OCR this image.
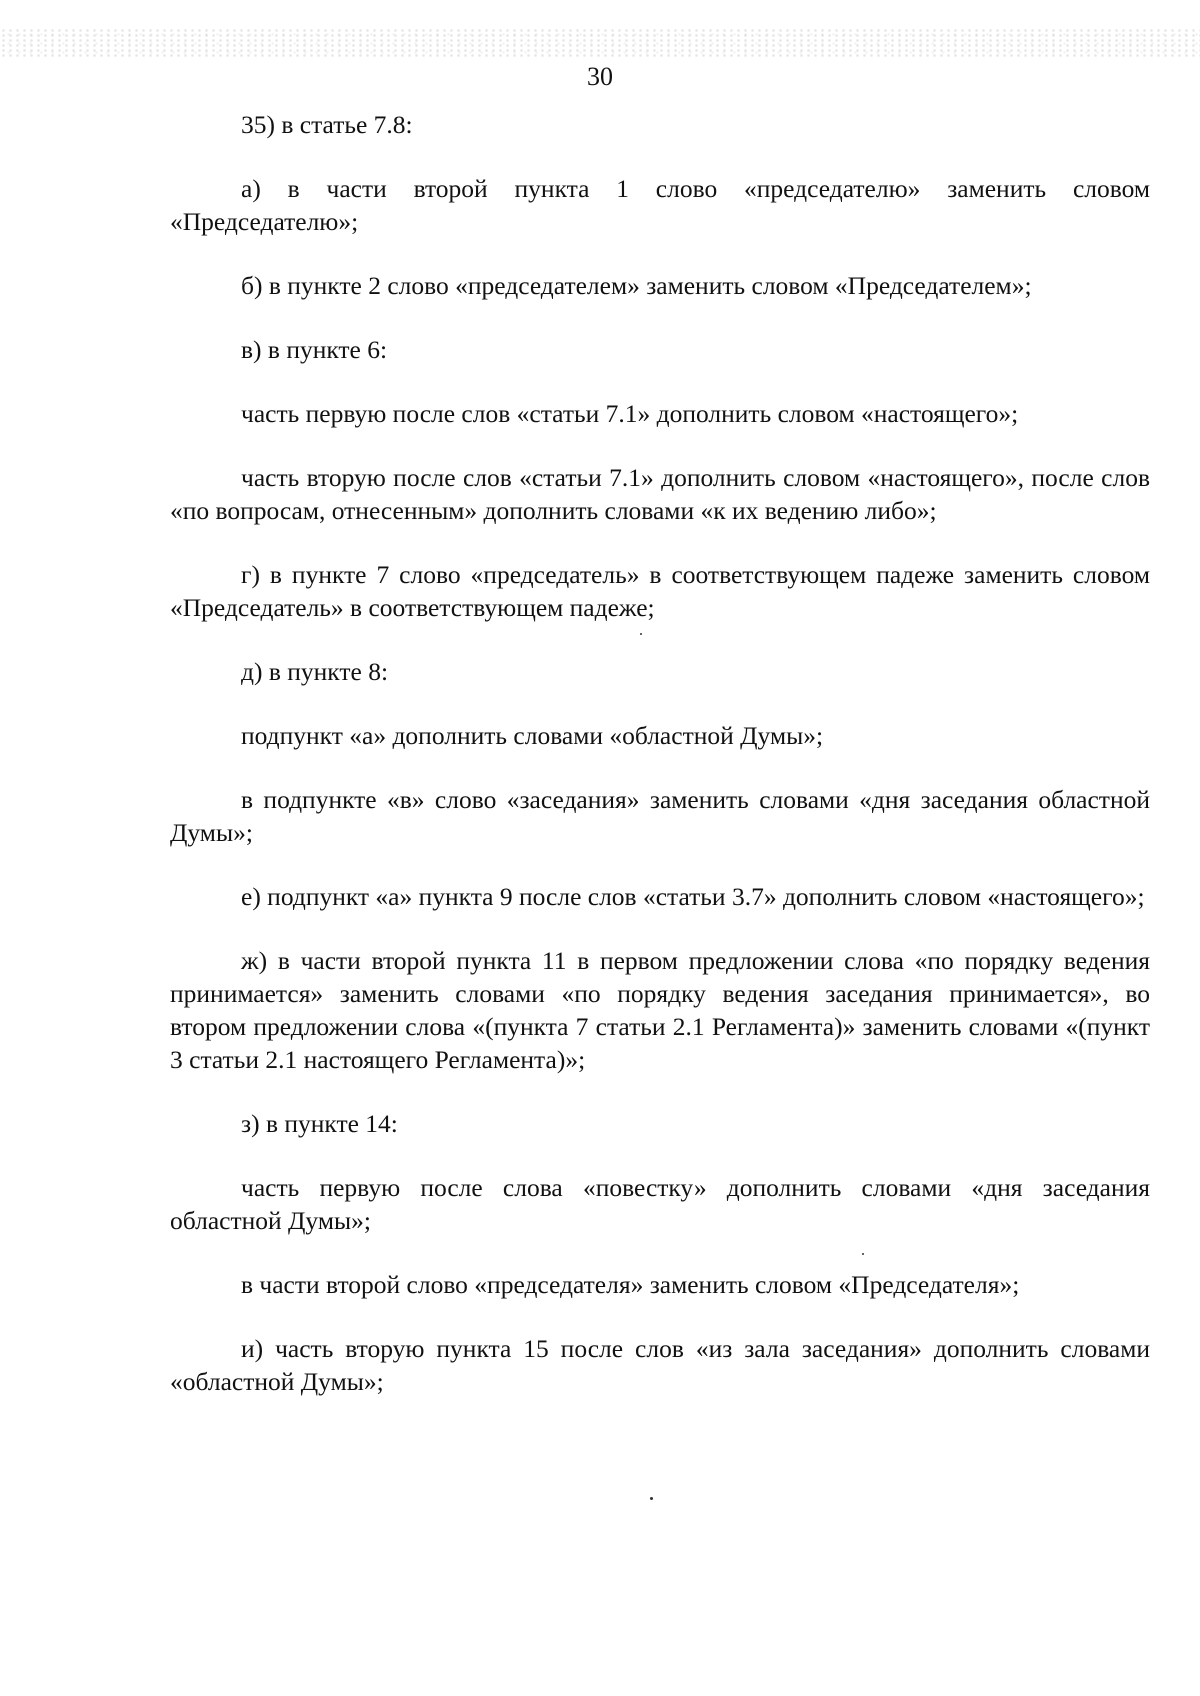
30

35) в статье 7.8:

а) в части второй пункта 1 слово «председателю» заменить словом «Председателю»;

б) в пункте 2 слово «председателем» заменить словом «Председателем»;

в) в пункте 6:

часть первую после слов «статьи 7.1» дополнить словом «настоящего»;

часть вторую после слов «статьи 7.1» дополнить словом «настоящего», после слов «по вопросам, отнесенным» дополнить словами «к их ведению либо»;

г) в пункте 7 слово «председатель» в соответствующем падеже заменить словом «Председатель» в соответствующем падеже;

д) в пункте 8:

подпункт «а» дополнить словами «областной Думы»;

в подпункте «в» слово «заседания» заменить словами «дня заседания областной Думы»;

е) подпункт «а» пункта 9 после слов «статьи 3.7» дополнить словом «настоящего»;

ж) в части второй пункта 11 в первом предложении слова «по порядку ведения принимается» заменить словами «по порядку ведения заседания принимается», во втором предложении слова «(пункта 7 статьи 2.1 Регламента)» заменить словами «(пункт 3 статьи 2.1 настоящего Регламента)»;

з) в пункте 14:

часть первую после слова «повестку» дополнить словами «дня заседания областной Думы»;

в части второй слово «председателя» заменить словом «Председателя»;

и) часть вторую пункта 15 после слов «из зала заседания» дополнить словами «областной Думы»;
